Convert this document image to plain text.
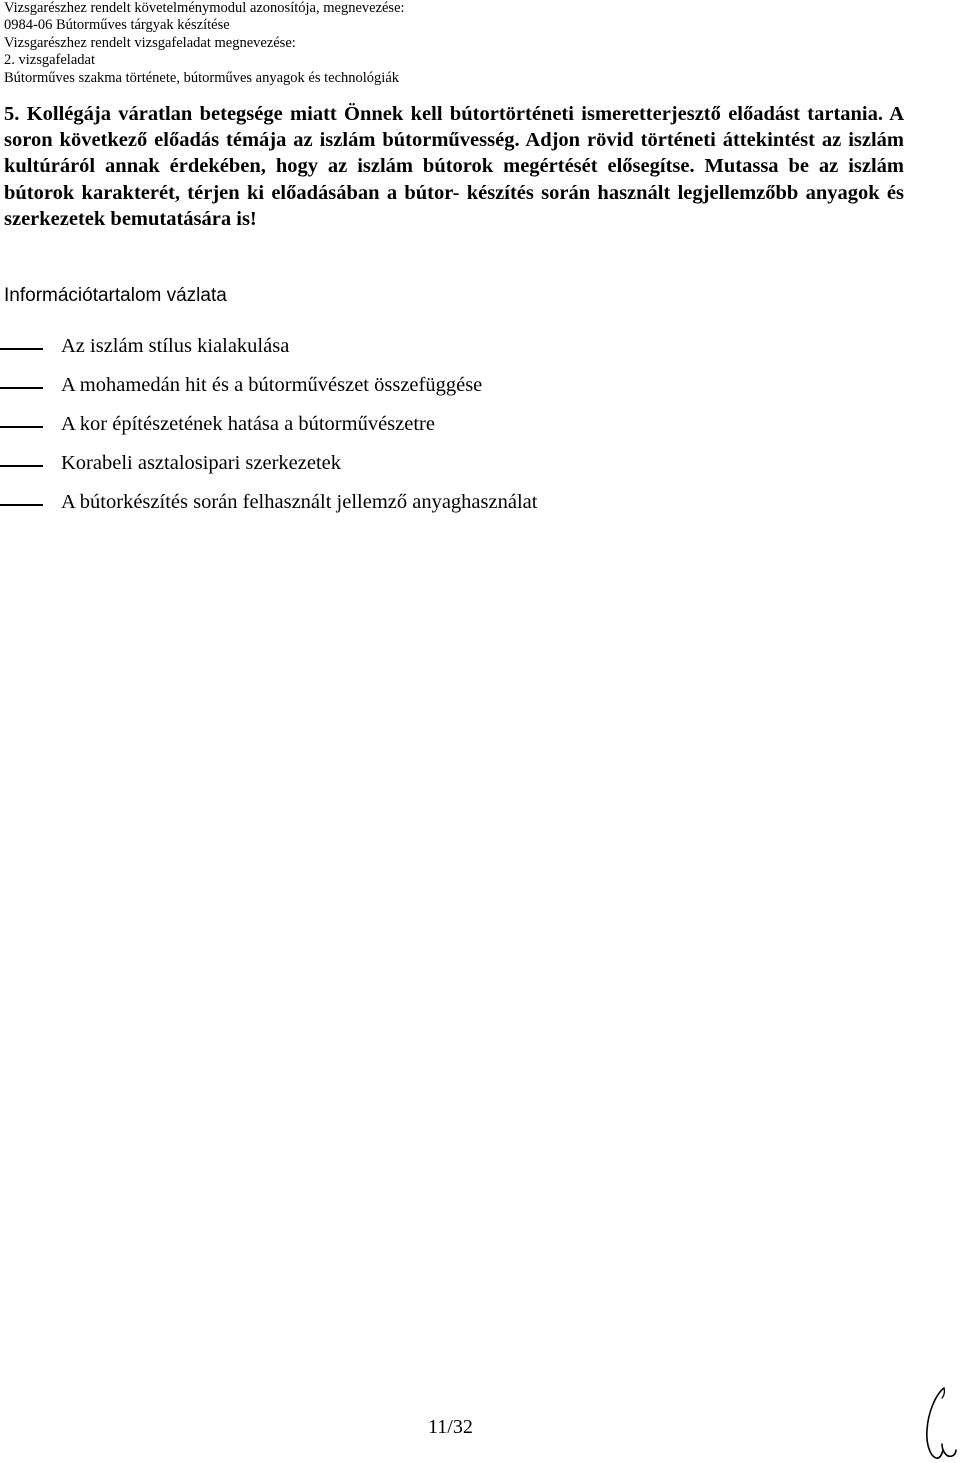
Vizsgarészhez rendelt követelménymodul azonosítója, megnevezése:
0984-06 Bútorműves tárgyak készítése
Vizsgarészhez rendelt vizsgafeladat megnevezése:
2. vizsgafeladat
Bútorműves szakma története, bútorműves anyagok és technológiák
5. Kollégája váratlan betegsége miatt Önnek kell bútortörténeti ismeretterjesztő előadást tartania. A soron következő előadás témája az iszlám bútorművesség. Adjon rövid történeti áttekintést az iszlám kultúráról annak érdekében, hogy az iszlám bútorok megértését elősegítse. Mutassa be az iszlám bútorok karakterét, térjen ki előadásában a bútor- készítés során használt legjellemzőbb anyagok és szerkezetek bemutatására is!
Információtartalom vázlata
Az iszlám stílus kialakulása
A mohamedán hit és a bútorművészet összefüggése
A kor építészetének hatása a bútorművészetre
Korabeli asztalosipari szerkezetek
A bútorkészítés során felhasznált jellemző anyaghasználat
11/32
